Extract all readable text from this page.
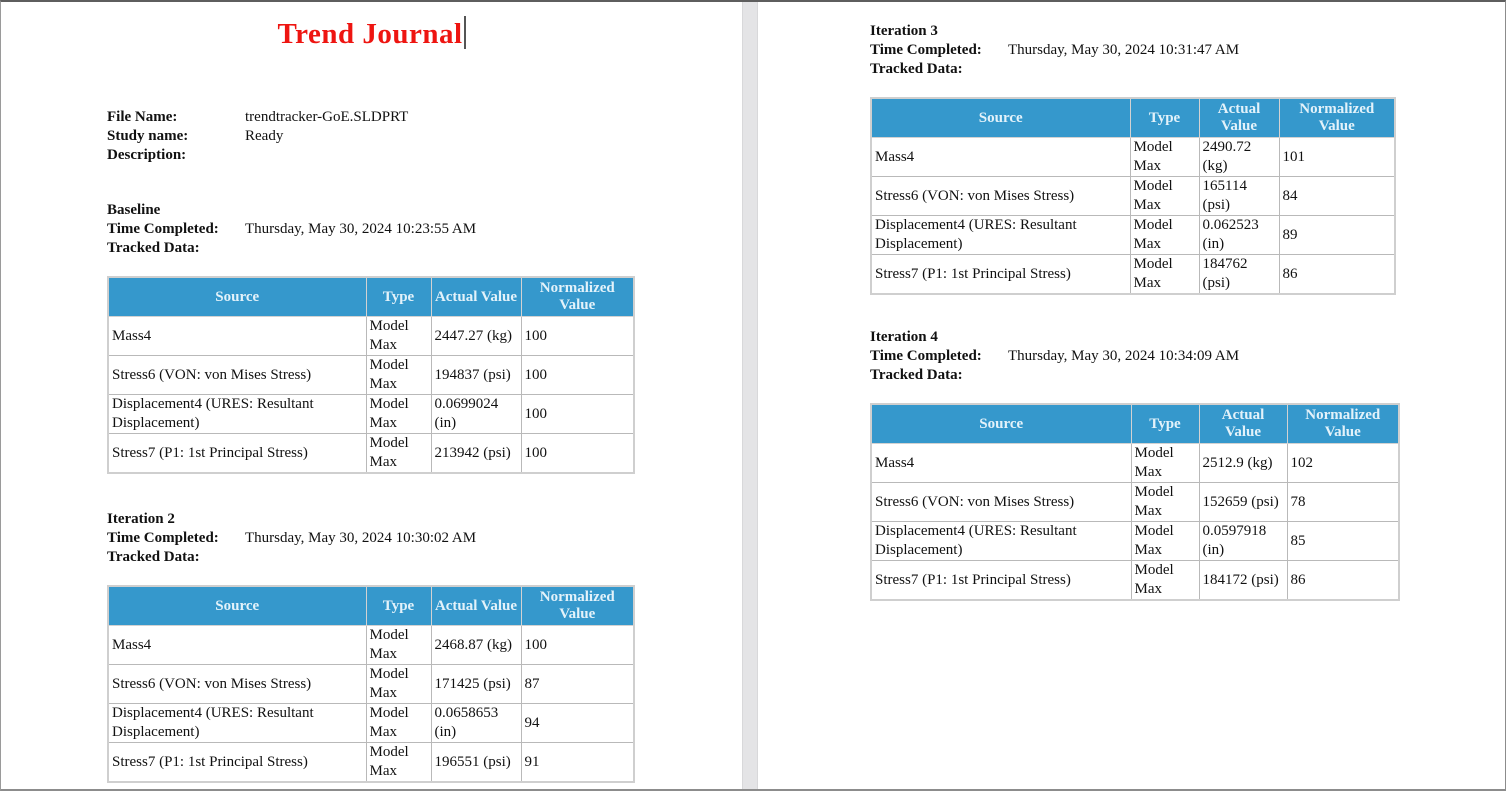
Trend Journal
File Name:	trendtracker-GoE.SLDPRT
Study name:	Ready
Description:
Baseline
Time Completed: Thursday, May 30, 2024 10:23:55 AM
Tracked Data:
Source	Type	Actual Value	Normalized Value
Mass4	Model Max	2447.27 (kg)	100
Stress6 (VON: von Mises Stress)	Model Max	194837 (psi)	100
Displacement4 (URES: Resultant Displacement)	Model Max	0.0699024 (in)	100
Stress7 (P1: 1st Principal Stress)	Model Max	213942 (psi)	100
Iteration 2
Time Completed: Thursday, May 30, 2024 10:30:02 AM
Tracked Data:
Source	Type	Actual Value	Normalized Value
Mass4	Model Max	2468.87 (kg)	100
Stress6 (VON: von Mises Stress)	Model Max	171425 (psi)	87
Displacement4 (URES: Resultant Displacement)	Model Max	0.0658653 (in)	94
Stress7 (P1: 1st Principal Stress)	Model Max	196551 (psi)	91
Iteration 3
Time Completed: Thursday, May 30, 2024 10:31:47 AM
Tracked Data:
Source	Type	Actual Value	Normalized Value
Mass4	Model Max	2490.72 (kg)	101
Stress6 (VON: von Mises Stress)	Model Max	165114 (psi)	84
Displacement4 (URES: Resultant Displacement)	Model Max	0.062523 (in)	89
Stress7 (P1: 1st Principal Stress)	Model Max	184762 (psi)	86
Iteration 4
Time Completed: Thursday, May 30, 2024 10:34:09 AM
Tracked Data:
Source	Type	Actual Value	Normalized Value
Mass4	Model Max	2512.9 (kg)	102
Stress6 (VON: von Mises Stress)	Model Max	152659 (psi)	78
Displacement4 (URES: Resultant Displacement)	Model Max	0.0597918 (in)	85
Stress7 (P1: 1st Principal Stress)	Model Max	184172 (psi)	86
